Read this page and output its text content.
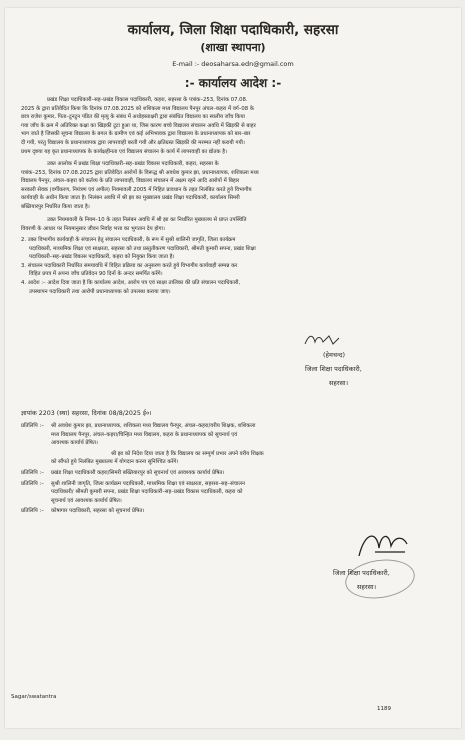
कार्यालय, जिला शिक्षा पदाधिकारी, सहरसा
(शाखा स्थापना)
E-mail :- deosaharsa.edn@gmail.com
:- कार्यालय आदेश :-
प्रखंड शिक्षा पदाधिकारी–सह–प्रखंड विकास पदाधिकारी, कहरा, सहरसा के पत्रांक–253, दिनांक 07.08.
2025 के द्वारा प्रतिवेदित किया कि दिनांक 07.08.2025 को शशिकला मध्य विद्यालय पैनपुर अंचल–कहरा में वर्ग–08 के
छात्र राजेश कुमार, पिता–टुनटुन पंडित की मृत्यु के संबंध में अधोहस्ताक्षरी द्वारा संबंधित विद्यालय का स्थलीय जाँच किया
गया जाँच के क्रम में अतिरिक्त कक्षा का खिड़की टूटा हुआ था, जिस कारण बच्चे विद्यालय संचालन अवधि में खिड़की से बाहर
भाग जाते है जिसकी सूचना विद्यालय के बगल के ग्रामीण एवं कई अभिभावक द्वारा विद्यालय के प्रधानाध्यापक को बार–बार
दी गयी, परंतु विद्यालय के प्रधानाध्यापक द्वारा लापरवाही बरती गयी और क्षतिग्रस्त खिड़की की मरम्मत नहीं करायी गयी।
प्रथम दृष्टया यह कृत प्रधानाध्यापक के कार्यक्षहीनता एवं विद्यालय संचालन के कार्य में लापरवाही का द्योतक है।
उक्त आलोक में प्रखंड शिक्षा पदाधिकारी–सह–प्रखंड विकास पदाधिकारी, कहरा, सहरसा के
पत्रांक–253, दिनांक 07.08.2025 द्वारा प्रतिवेदित आरोपों के विरूद्ध श्री अवधेश कुमार झा, प्रधानाध्यापक, शशिकला मध्य
विद्यालय पैनपुर, अंचल–कहरा को कर्तव्य के प्रति लापरवाही, विद्यालय संचालन में अक्षम रहने आदि आरोपों में बिहार
सरकारी सेवक (वर्गीकरण, नियंत्रण एवं अपील) नियमावली 2005 में निहित प्रावधान के तहत निलंबित करते हुये विभागीय
कार्यवाही के अधीन किया जाता है। निलंबन अवधि में श्री झा का मुख्यालय प्रखंड शिक्षा पदाधिकारी, कार्यालय सिमरी
बख्तियारपुर निर्धारित किया जाता है।
उक्त नियमावली के नियम–10 के तहत निलंबन अवधि में श्री झा का निर्धारित मुख्यालय से प्राप्त उपस्थिति
विवरणी के आधार पर नियमानुसार जीवन निर्वाह भत्ता का भुगतान देय होगा।
2. उक्त विभागीय कार्यवाही के संचालन हेतु संचालन पदाधिकारी, के रूप में सुश्री शालिनी जागृति, जिला कार्यक्रम
पदाधिकारी, माध्यमिक शिक्षा एवं साक्षरता, सहरसा को तथा प्रस्तुतीकरण पदाधिकारी, श्रीमती कुमारी सपना, प्रखंड शिक्षा
पदाधिकारी–सह–प्रखंड विकास पदाधिकारी, कहरा को नियुक्त किया जाता है।
3. संचालन पदाधिकारी निर्धारित समयावधि में विहित प्रक्रिया का अनुसरण करते हुये विभागीय कार्यवाही सम्पन्न कर
विहित प्रपत्र में अपना जाँच प्रतिवेदन 90 दिनों के अन्दर समर्पित करेंगे।
4. आदेश :– आदेश दिया जाता है कि कार्यालय आदेश, आरोप पत्र एवं साक्ष्य तालिका की प्रति संचालन पदाधिकारी,
उपस्थापन पदाधिकारी तथा आरोपी प्रधानाध्यापक को उपलब्ध कराया जाए।
(हेमचन्द)
जिला शिक्षा पदाधिकारी,
सहरसा।
ज्ञापांक 2203 (स्था) सहरसा, दिनांक 08/8/2025 ई०।
प्रतिलिपि :– श्री अवधेश कुमार झा, प्रधानाध्यापक, शशिकला मध्य विद्यालय पैनपुर, अंचल–कहरा/वरीय शिक्षक, शशिकला
मध्य विद्यालय पैनपुर, अंचल–कहरा/चिन्हित मध्य विद्यालय, कहरा के प्रधानाध्यापक को सूचनार्थ एवं
आवश्यक कार्यार्थ प्रेषित।
श्री झा को निदेश दिया जाता है कि विद्यालय का सम्पूर्ण प्रभार अपने वरीय शिक्षक
को सौंपते हुये निलंबित मुख्यालय में योगदान करना सुनिश्चित करेंगे।
प्रतिलिपि :– प्रखंड शिक्षा पदाधिकारी कहरा/सिमरी बख्तियारपुर को सूचनार्थ एवं आवश्यक कार्यार्थ प्रेषित।
प्रतिलिपि :– सुश्री शालिनी जागृति, जिला कार्यक्रम पदाधिकारी, माध्यमिक शिक्षा एवं साक्षरता, सहरसा–सह–संचालन
पदाधिकारी/ श्रीमती कुमारी सपना, प्रखंड शिक्षा पदाधिकारी–सह–प्रखंड विकास पदाधिकारी, कहरा को
सूचनार्थ एवं आवश्यक कार्यार्थ प्रेषित।
प्रतिलिपि :– कोषागार पदाधिकारी, सहरसा को सूचनार्थ प्रेषित।
जिला शिक्षा पदाधिकारी,
सहरसा।
Sagar/swatantra
1189
